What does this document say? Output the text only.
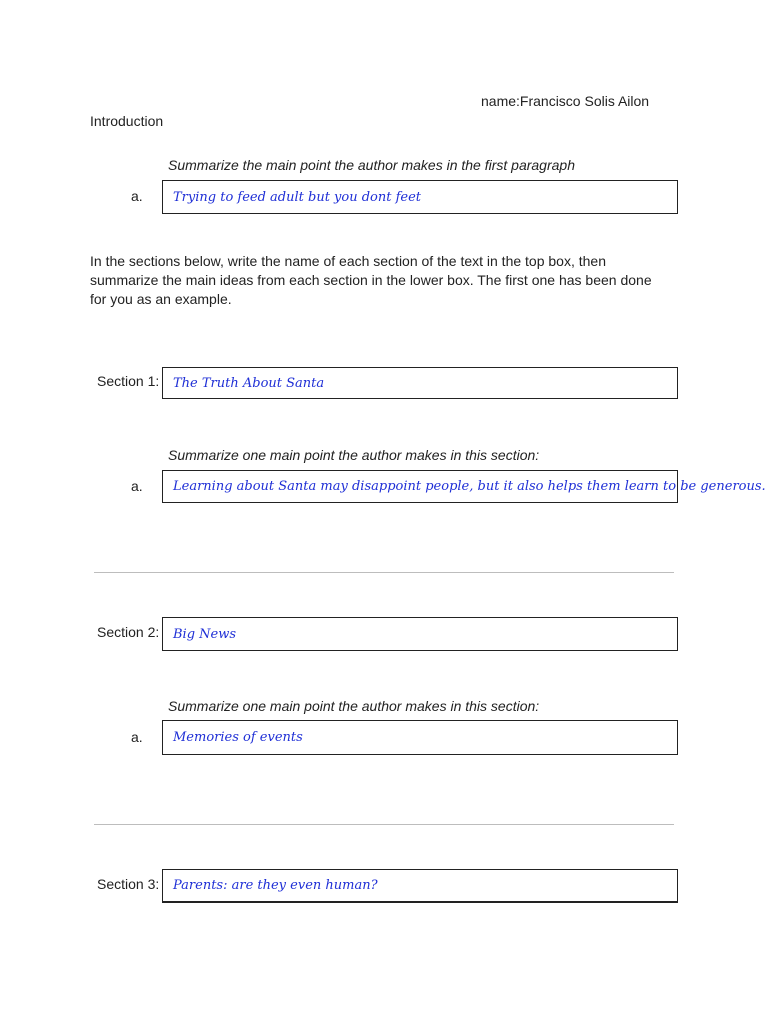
name:Francisco Solis Ailon
Introduction
Summarize the main point the author makes in the first paragraph
a. Trying to feed adult but you dont feet
In the sections below, write the name of each section of the text in the top box, then summarize the main ideas from each section in the lower box. The first one has been done for you as an example.
Section 1: The Truth About Santa
Summarize one main point the author makes in this section:
a. Learning about Santa may disappoint people, but it also helps them learn to be generous.
Section 2: Big News
Summarize one main point the author makes in this section:
a. Memories of events
Section 3: Parents: are they even human?
